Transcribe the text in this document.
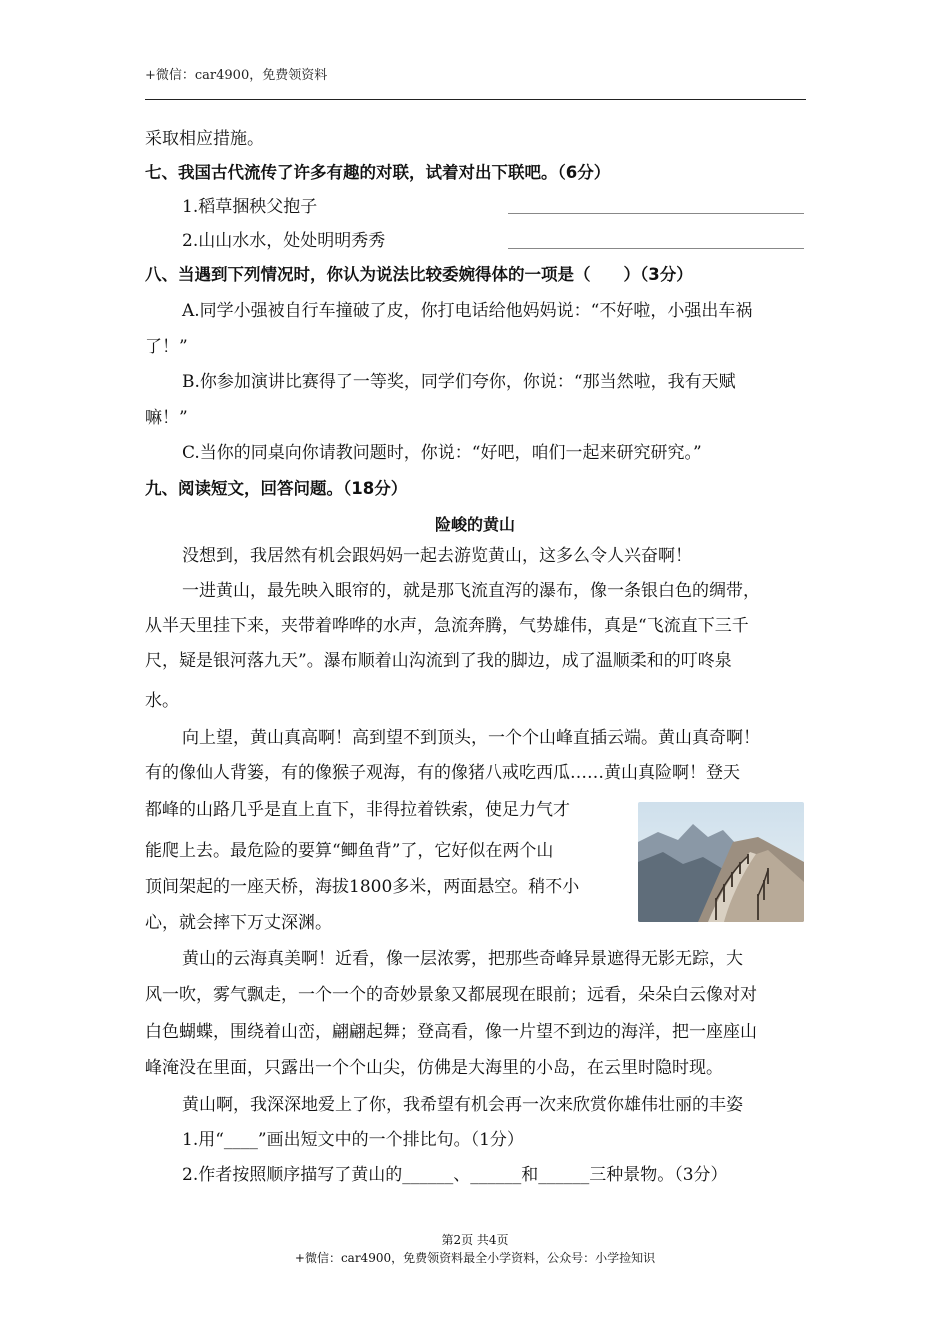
+微信：car4900，免费领资料
采取相应措施。
七、我国古代流传了许多有趣的对联，试着对出下联吧。（6分）
1.稻草捆秧父抱子
2.山山水水，处处明明秀秀
八、当遇到下列情况时，你认为说法比较委婉得体的一项是（　　）（3分）
A.同学小强被自行车撞破了皮，你打电话给他妈妈说：“不好啦，小强出车祸
了！”
B.你参加演讲比赛得了一等奖，同学们夸你，你说：“那当然啦，我有天赋
嘛！”
C.当你的同桌向你请教问题时，你说：“好吧，咱们一起来研究研究。”
九、阅读短文，回答问题。（18分）
险峻的黄山
没想到，我居然有机会跟妈妈一起去游览黄山，这多么令人兴奋啊！
一进黄山，最先映入眼帘的，就是那飞流直泻的瀑布，像一条银白色的绸带，
从半天里挂下来，夹带着哗哗的水声，急流奔腾，气势雄伟，真是“飞流直下三千
尺，疑是银河落九天”。瀑布顺着山沟流到了我的脚边，成了温顺柔和的叮咚泉
水。
向上望，黄山真高啊！高到望不到顶头，一个个山峰直插云端。黄山真奇啊！
有的像仙人背篓，有的像猴子观海，有的像猪八戒吃西瓜……黄山真险啊！登天
都峰的山路几乎是直上直下，非得拉着铁索，使足力气才
能爬上去。最危险的要算“鲫鱼背”了，它好似在两个山
顶间架起的一座天桥，海拔1800多米，两面悬空。稍不小
心，就会摔下万丈深渊。
黄山的云海真美啊！近看，像一层浓雾，把那些奇峰异景遮得无影无踪，大
风一吹，雾气飘走，一个一个的奇妙景象又都展现在眼前；远看，朵朵白云像对对
白色蝴蝶，围绕着山峦，翩翩起舞；登高看，像一片望不到边的海洋，把一座座山
峰淹没在里面，只露出一个个山尖，仿佛是大海里的小岛，在云里时隐时现。
黄山啊，我深深地爱上了你，我希望有机会再一次来欣赏你雄伟壮丽的丰姿
1.用“____”画出短文中的一个排比句。（1分）
2.作者按照顺序描写了黄山的______、______和______三种景物。（3分）
第2页 共4页
+微信：car4900，免费领资料最全小学资料，公众号：小学捡知识
